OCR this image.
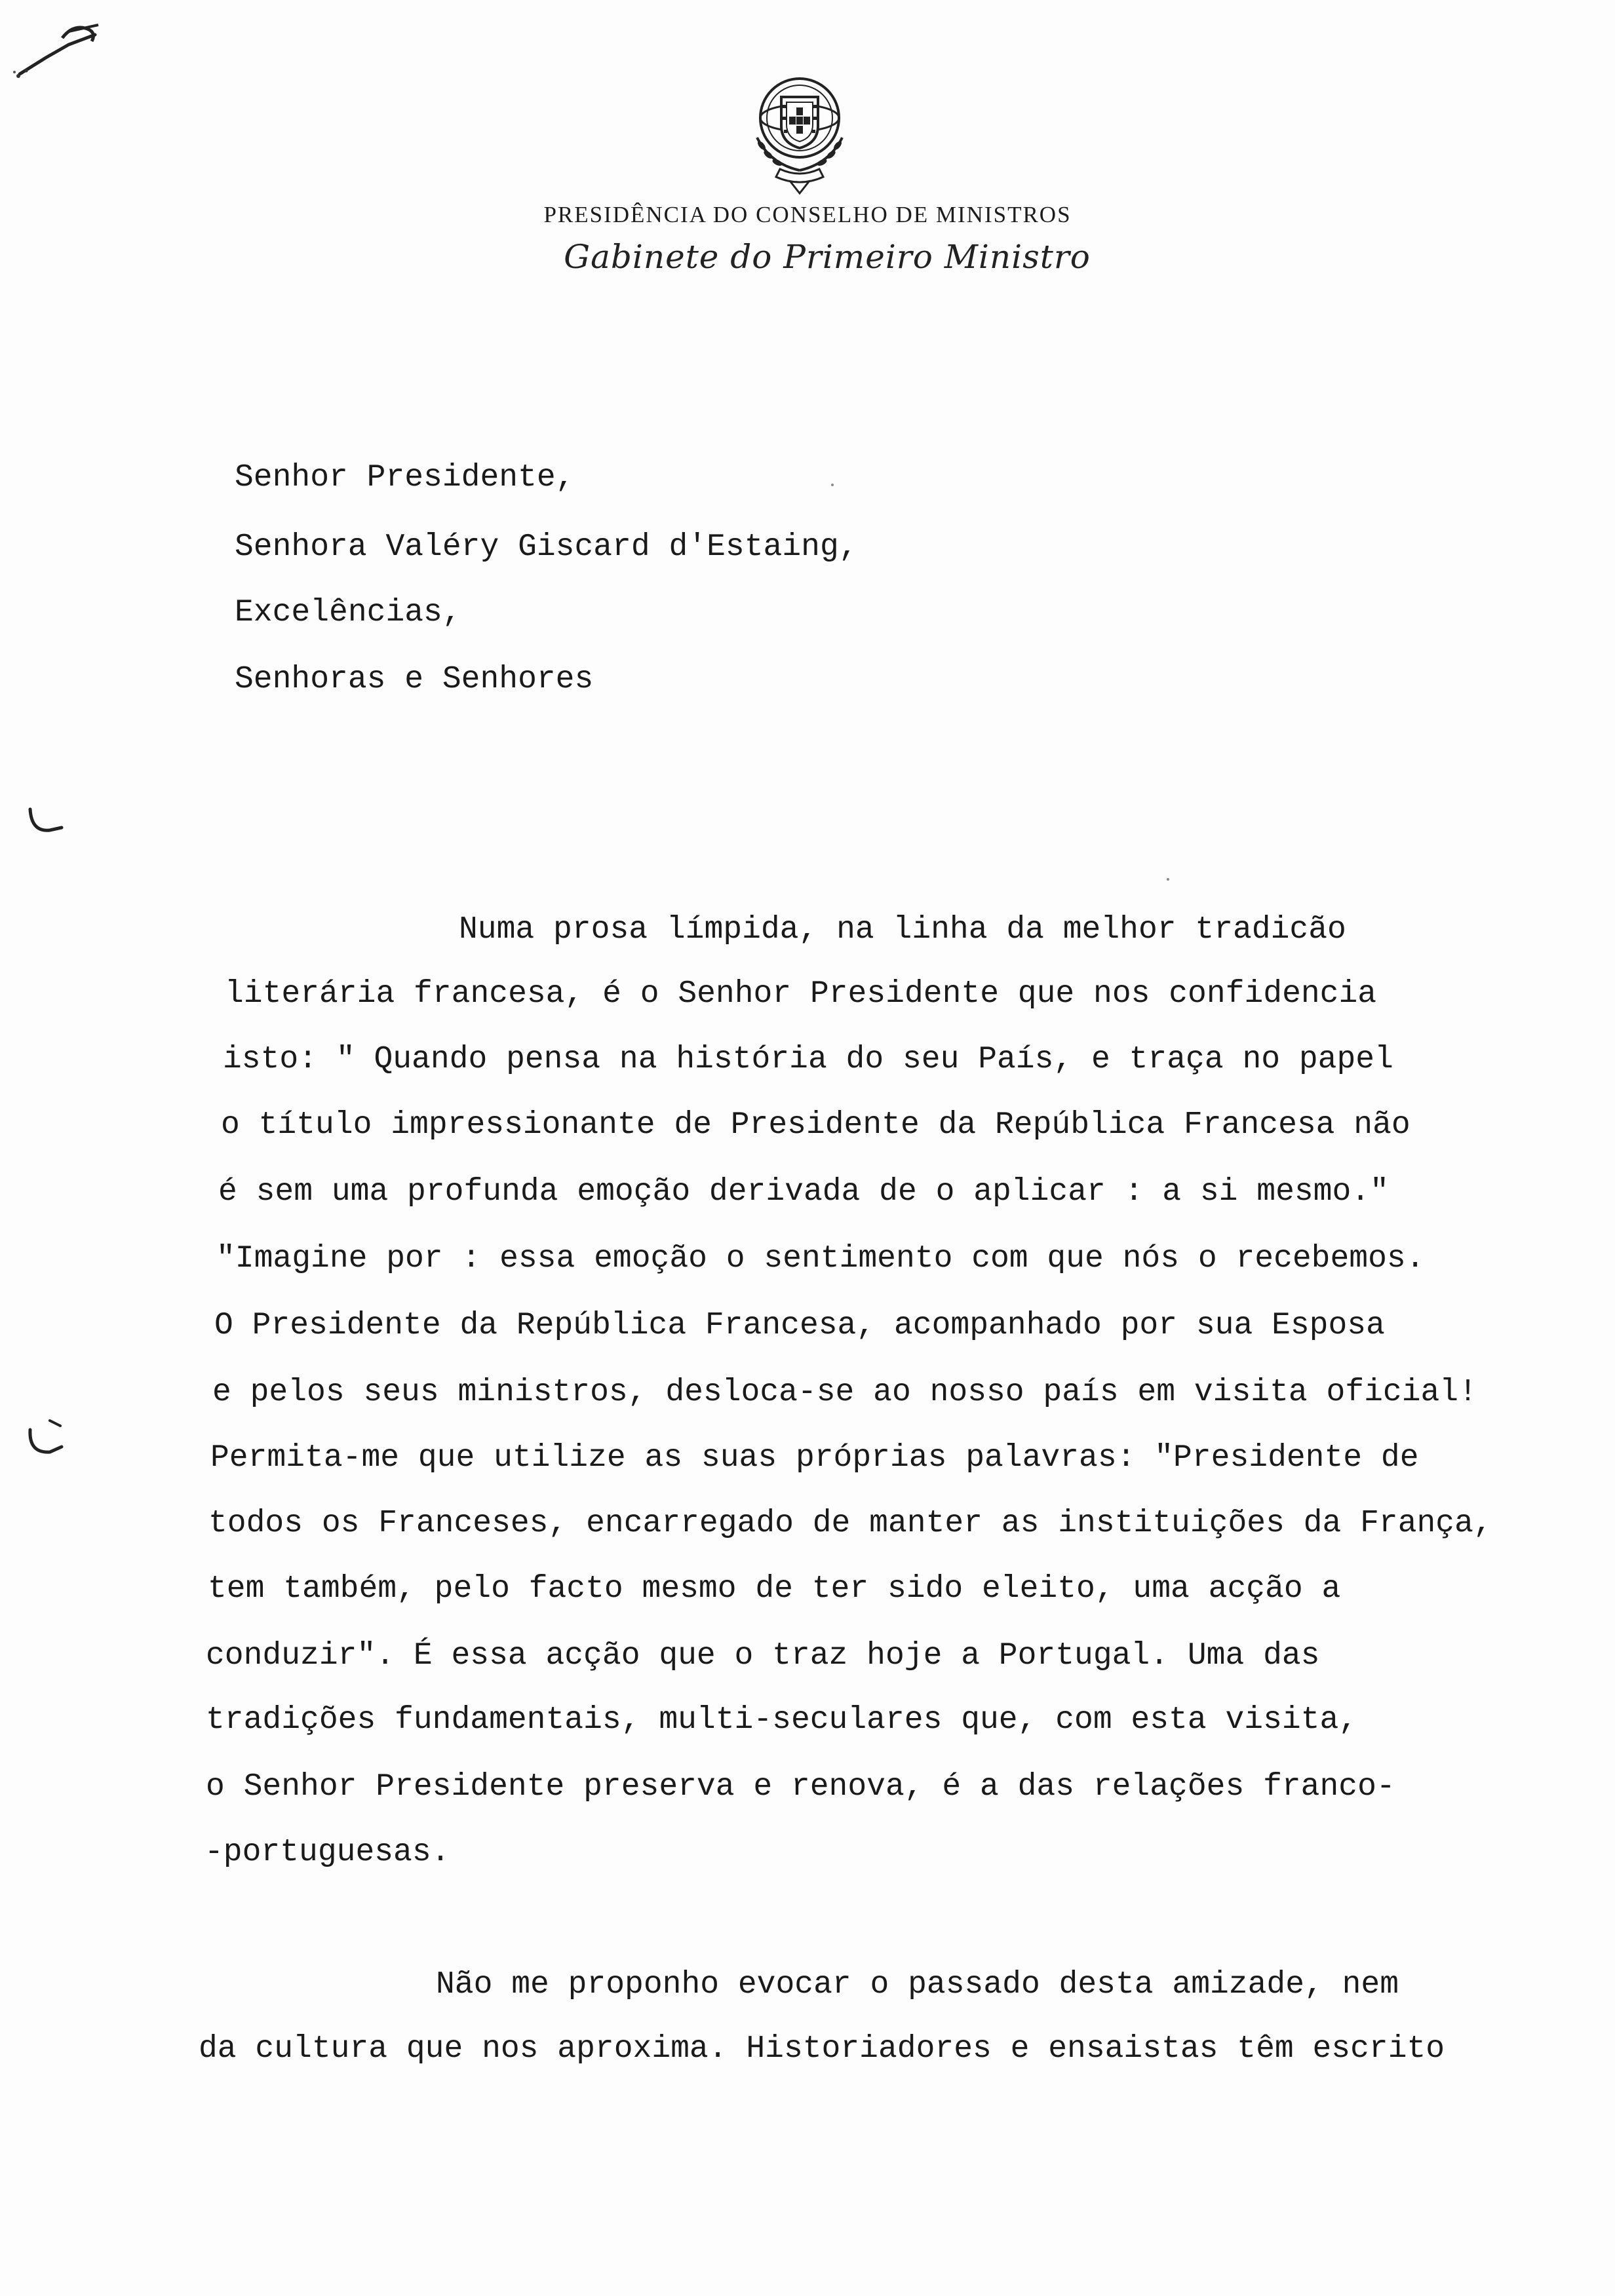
PRESIDÊNCIA DO CONSELHO DE MINISTROS
Gabinete do Primeiro Ministro
Senhor Presidente,
Senhora Valéry Giscard d'Estaing,
Excelências,
Senhoras e Senhores
Numa prosa límpida, na linha da melhor tradicão
literária francesa, é o Senhor Presidente que nos confidencia
isto: " Quando pensa na história do seu País, e traça no papel
o título impressionante de Presidente da República Francesa não
é sem uma profunda emoção derivada de o aplicar : a si mesmo."
"Imagine por : essa emoção o sentimento com que nós o recebemos.
O Presidente da República Francesa, acompanhado por sua Esposa
e pelos seus ministros, desloca-se ao nosso país em visita oficial!
Permita-me que utilize as suas próprias palavras: "Presidente de
todos os Franceses, encarregado de manter as instituições da França,
tem também, pelo facto mesmo de ter sido eleito, uma acção a
conduzir". É essa acção que o traz hoje a Portugal. Uma das
tradições fundamentais, multi-seculares que, com esta visita,
o Senhor Presidente preserva e renova, é a das relações franco-
-portuguesas.
Não me proponho evocar o passado desta amizade, nem
da cultura que nos aproxima. Historiadores e ensaistas têm escrito
